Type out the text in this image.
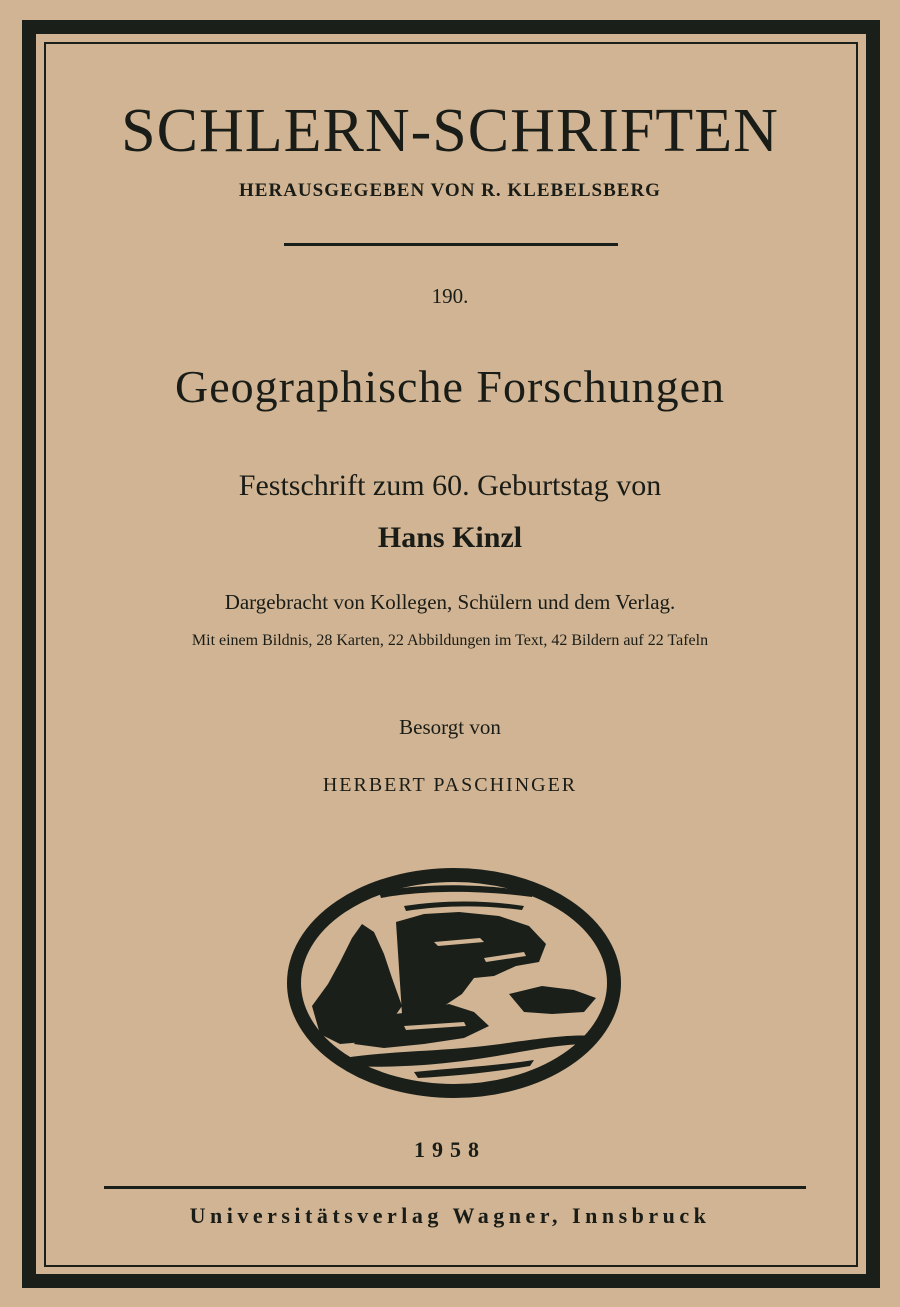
SCHLERN-SCHRIFTEN
HERAUSGEGEBEN VON R. KLEBELSBERG
190.
Geographische Forschungen
Festschrift zum 60. Geburtstag von
Hans Kinzl
Dargebracht von Kollegen, Schülern und dem Verlag.
Mit einem Bildnis, 28 Karten, 22 Abbildungen im Text, 42 Bildern auf 22 Tafeln
Besorgt von
HERBERT PASCHINGER
1958
Universitätsverlag Wagner, Innsbruck
